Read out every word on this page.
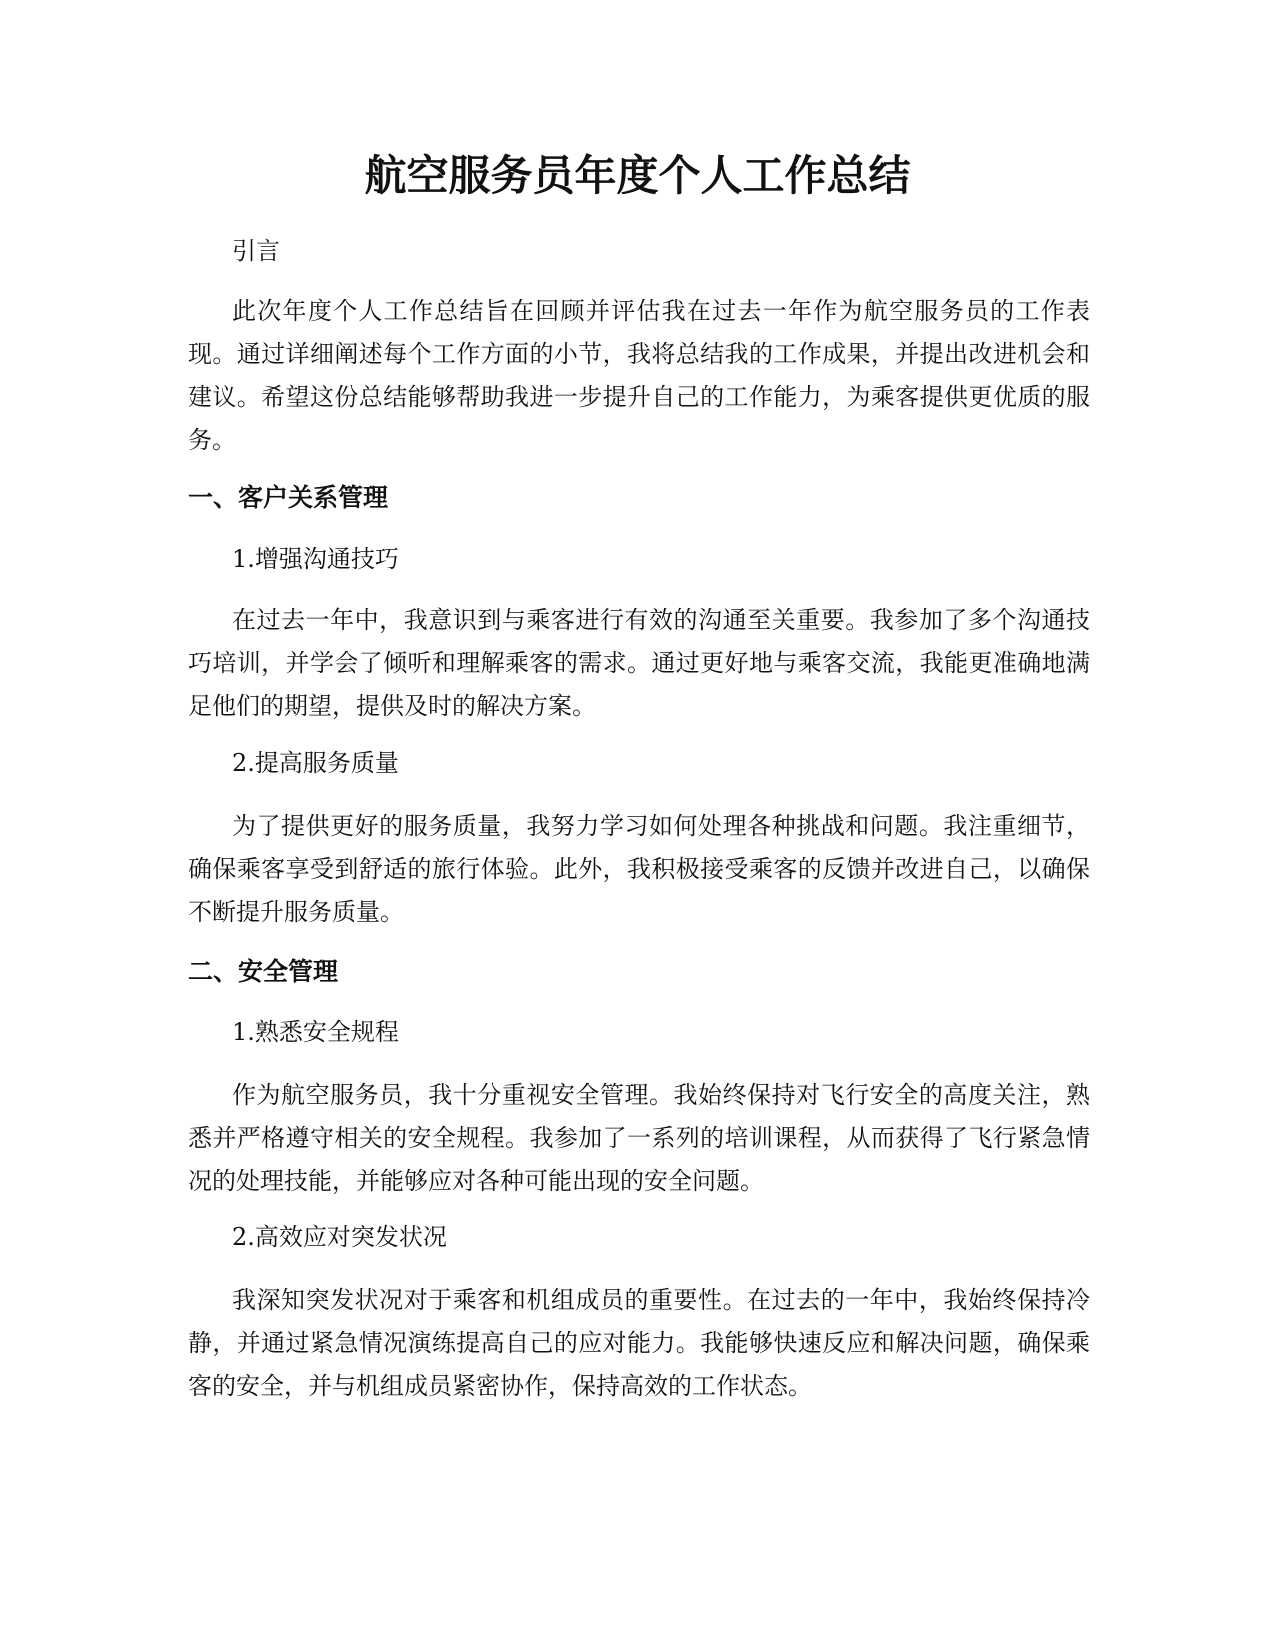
航空服务员年度个人工作总结

引言

此次年度个人工作总结旨在回顾并评估我在过去一年作为航空服务员的工作表现。通过详细阐述每个工作方面的小节，我将总结我的工作成果，并提出改进机会和建议。希望这份总结能够帮助我进一步提升自己的工作能力，为乘客提供更优质的服务。

一、客户关系管理

1.增强沟通技巧

在过去一年中，我意识到与乘客进行有效的沟通至关重要。我参加了多个沟通技巧培训，并学会了倾听和理解乘客的需求。通过更好地与乘客交流，我能更准确地满足他们的期望，提供及时的解决方案。

2.提高服务质量

为了提供更好的服务质量，我努力学习如何处理各种挑战和问题。我注重细节，确保乘客享受到舒适的旅行体验。此外，我积极接受乘客的反馈并改进自己，以确保不断提升服务质量。

二、安全管理

1.熟悉安全规程

作为航空服务员，我十分重视安全管理。我始终保持对飞行安全的高度关注，熟悉并严格遵守相关的安全规程。我参加了一系列的培训课程，从而获得了飞行紧急情况的处理技能，并能够应对各种可能出现的安全问题。

2.高效应对突发状况

我深知突发状况对于乘客和机组成员的重要性。在过去的一年中，我始终保持冷静，并通过紧急情况演练提高自己的应对能力。我能够快速反应和解决问题，确保乘客的安全，并与机组成员紧密协作，保持高效的工作状态。
